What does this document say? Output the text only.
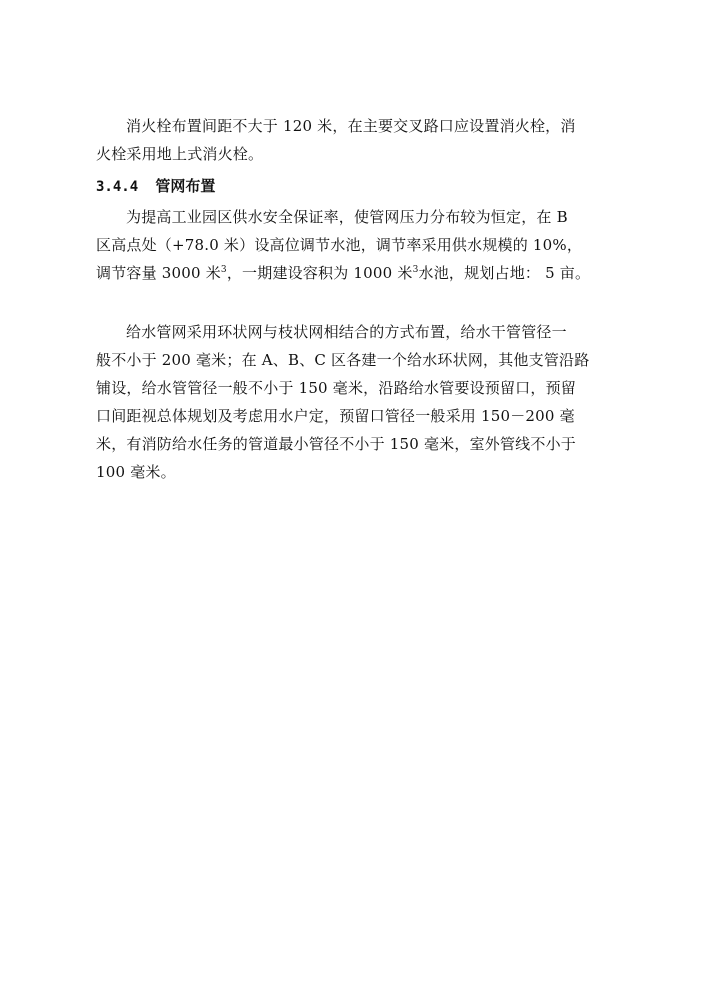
消火栓布置间距不大于 120 米，在主要交叉路口应设置消火栓，消
火栓采用地上式消火栓。
3.4.4 管网布置
为提高工业园区供水安全保证率，使管网压力分布较为恒定，在 B
区高点处（+78.0 米）设高位调节水池，调节率采用供水规模的 10%，
调节容量 3000 米$^3$，一期建设容积为 1000 米$^3$水池，规划占地： 5 亩。
给水管网采用环状网与枝状网相结合的方式布置，给水干管管径一
般不小于 200 毫米；在 A、B、C 区各建一个给水环状网，其他支管沿路
铺设，给水管管径一般不小于 150 毫米，沿路给水管要设预留口，预留
口间距视总体规划及考虑用水户定，预留口管径一般采用 150－200 毫
米，有消防给水任务的管道最小管径不小于 150 毫米，室外管线不小于
100 毫米。
